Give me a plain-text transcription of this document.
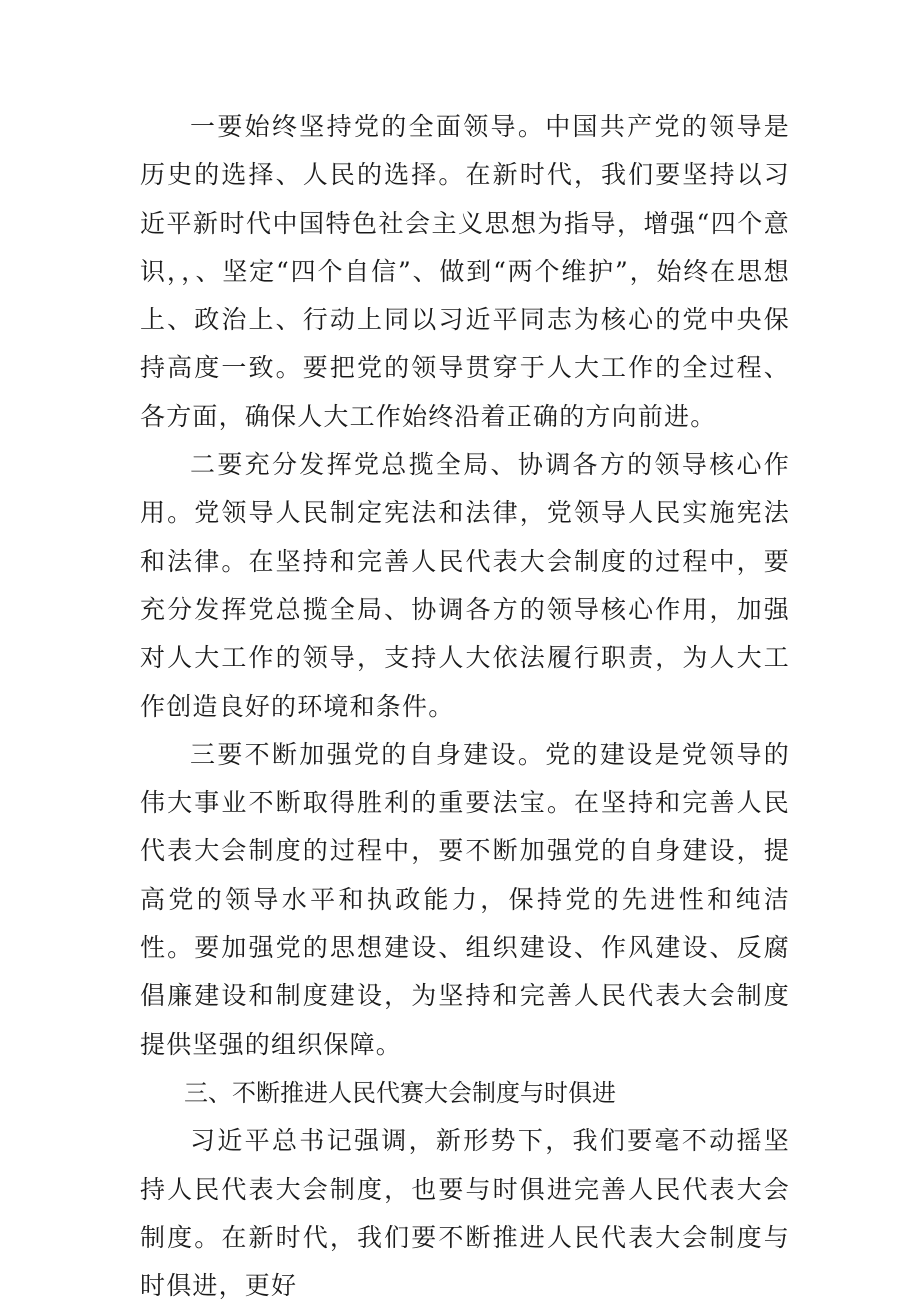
一要始终坚持党的全面领导。中国共产党的领导是历史的选择、人民的选择。在新时代，我们要坚持以习近平新时代中国特色社会主义思想为指导，增强“四个意识，，、坚定“四个自信”、做到“两个维护”，始终在思想上、政治上、行动上同以习近平同志为核心的党中央保持高度一致。要把党的领导贯穿于人大工作的全过程、各方面，确保人大工作始终沿着正确的方向前进。

二要充分发挥党总揽全局、协调各方的领导核心作用。党领导人民制定宪法和法律，党领导人民实施宪法和法律。在坚持和完善人民代表大会制度的过程中，要充分发挥党总揽全局、协调各方的领导核心作用，加强对人大工作的领导，支持人大依法履行职责，为人大工作创造良好的环境和条件。

三要不断加强党的自身建设。党的建设是党领导的伟大事业不断取得胜利的重要法宝。在坚持和完善人民代表大会制度的过程中，要不断加强党的自身建设，提高党的领导水平和执政能力，保持党的先进性和纯洁性。要加强党的思想建设、组织建设、作风建设、反腐倡廉建设和制度建设，为坚持和完善人民代表大会制度提供坚强的组织保障。

三、不断推进人民代赛大会制度与时俱进

习近平总书记强调，新形势下，我们要毫不动摇坚持人民代表大会制度，也要与时俱进完善人民代表大会制度。在新时代，我们要不断推进人民代表大会制度与时俱进，更好
